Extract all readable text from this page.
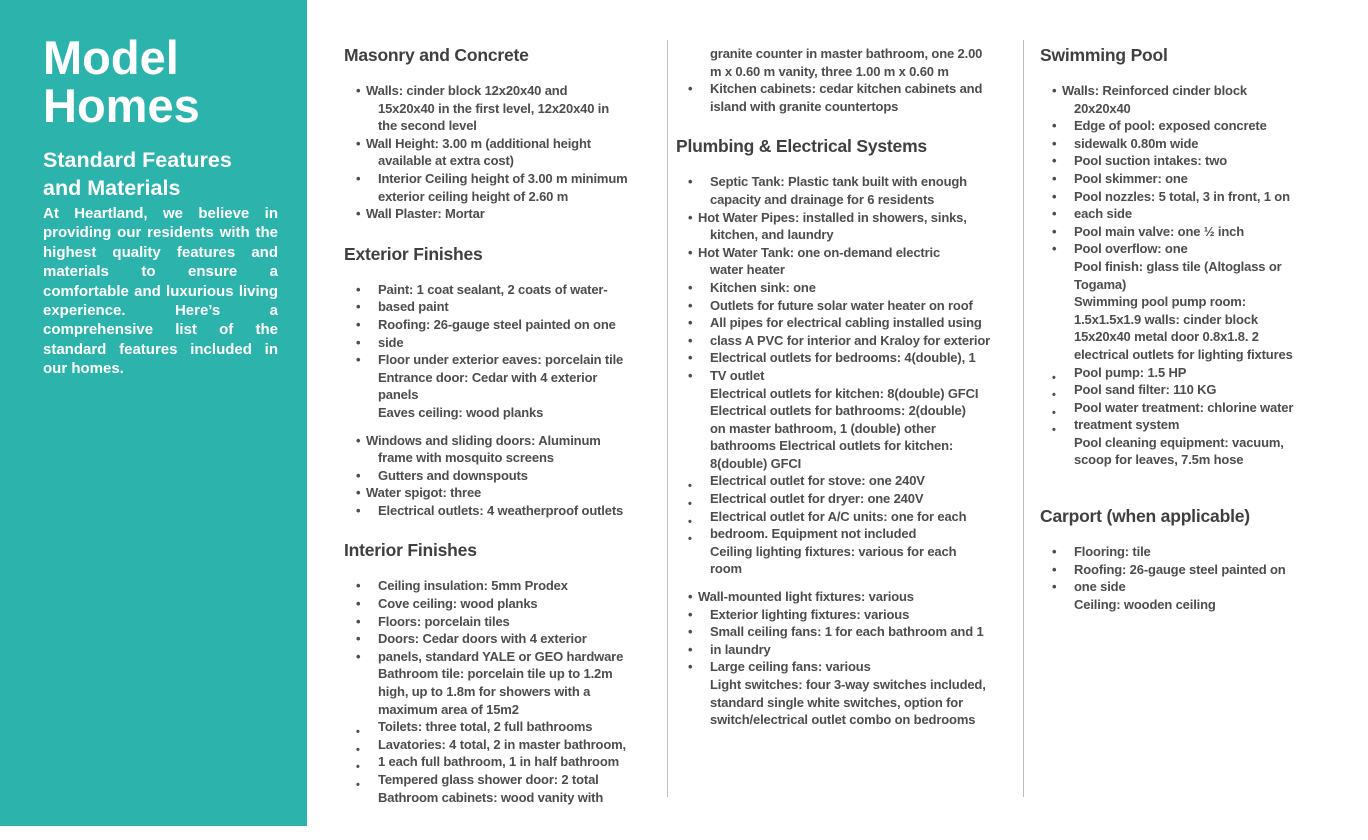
Model
Homes
Standard Features
and Materials

At Heartland, we believe in providing our residents with the highest quality features and materials to ensure a comfortable and luxurious living experience. Here’s a comprehensive list of the standard features included in our homes.

Masonry and Concrete
• Walls: cinder block 12x20x40 and
15x20x40 in the first level, 12x20x40 in
the second level
• Wall Height: 3.00 m (additional height
available at extra cost)
• Interior Ceiling height of 3.00 m minimum
exterior ceiling height of 2.60 m
• Wall Plaster: Mortar
Exterior Finishes
• Paint: 1 coat sealant, 2 coats of water-
• based paint
• Roofing: 26-gauge steel painted on one
• side
• Floor under exterior eaves: porcelain tile
Entrance door: Cedar with 4 exterior
panels
Eaves ceiling: wood planks
• Windows and sliding doors: Aluminum
frame with mosquito screens
• Gutters and downspouts
• Water spigot: three
• Electrical outlets: 4 weatherproof outlets
Interior Finishes
• Ceiling insulation: 5mm Prodex
• Cove ceiling: wood planks
• Floors: porcelain tiles
• Doors: Cedar doors with 4 exterior
• panels, standard YALE or GEO hardware
Bathroom tile: porcelain tile up to 1.2m
high, up to 1.8m for showers with a
maximum area of 15m2
• Toilets: three total, 2 full bathrooms
• Lavatories: 4 total, 2 in master bathroom,
• 1 each full bathroom, 1 in half bathroom
• Tempered glass shower door: 2 total
Bathroom cabinets: wood vanity with
granite counter in master bathroom, one 2.00
m x 0.60 m vanity, three 1.00 m x 0.60 m
• Kitchen cabinets: cedar kitchen cabinets and
island with granite countertops
Plumbing & Electrical Systems
• Septic Tank: Plastic tank built with enough
capacity and drainage for 6 residents
• Hot Water Pipes: installed in showers, sinks,
kitchen, and laundry
• Hot Water Tank: one on-demand electric
water heater
• Kitchen sink: one
• Outlets for future solar water heater on roof
• All pipes for electrical cabling installed using
• class A PVC for interior and Kraloy for exterior
• Electrical outlets for bedrooms: 4(double), 1
• TV outlet
Electrical outlets for kitchen: 8(double) GFCI
Electrical outlets for bathrooms: 2(double)
on master bathroom, 1 (double) other
bathrooms Electrical outlets for kitchen:
8(double) GFCI
• Electrical outlet for stove: one 240V
• Electrical outlet for dryer: one 240V
• Electrical outlet for A/C units: one for each
• bedroom. Equipment not included
Ceiling lighting fixtures: various for each
room
• Wall-mounted light fixtures: various
• Exterior lighting fixtures: various
• Small ceiling fans: 1 for each bathroom and 1
• in laundry
• Large ceiling fans: various
Light switches: four 3-way switches included,
standard single white switches, option for
switch/electrical outlet combo on bedrooms
Swimming Pool
• Walls: Reinforced cinder block
20x20x40
• Edge of pool: exposed concrete
• sidewalk 0.80m wide
• Pool suction intakes: two
• Pool skimmer: one
• Pool nozzles: 5 total, 3 in front, 1 on
• each side
• Pool main valve: one ½ inch
• Pool overflow: one
Pool finish: glass tile (Altoglass or
Togama)
Swimming pool pump room:
1.5x1.5x1.9 walls: cinder block
15x20x40 metal door 0.8x1.8. 2
electrical outlets for lighting fixtures
• Pool pump: 1.5 HP
• Pool sand filter: 110 KG
• Pool water treatment: chlorine water
• treatment system
Pool cleaning equipment: vacuum,
scoop for leaves, 7.5m hose
Carport (when applicable)
• Flooring: tile
• Roofing: 26-gauge steel painted on
• one side
Ceiling: wooden ceiling
